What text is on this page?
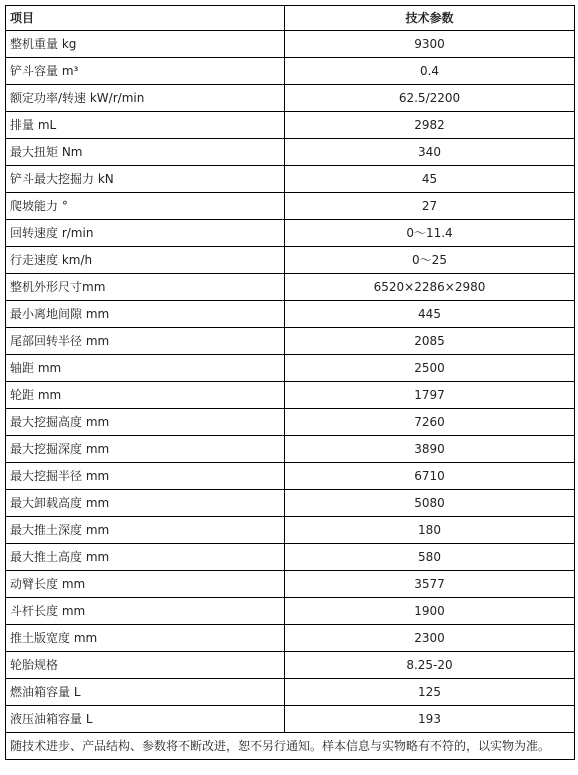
项目	技术参数
整机重量 kg	9300
铲斗容量 m³	0.4
额定功率/转速 kW/r/min	62.5/2200
排量 mL	2982
最大扭矩 Nm	340
铲斗最大挖掘力 kN	45
爬坡能力 °	27
回转速度 r/min	0～11.4
行走速度 km/h	0～25
整机外形尺寸mm	6520×2286×2980
最小离地间隙 mm	445
尾部回转半径 mm	2085
轴距 mm	2500
轮距 mm	1797
最大挖掘高度 mm	7260
最大挖掘深度 mm	3890
最大挖掘半径 mm	6710
最大卸载高度 mm	5080
最大推土深度 mm	180
最大推土高度 mm	580
动臂长度 mm	3577
斗杆长度 mm	1900
推土版宽度 mm	2300
轮胎规格	8.25-20
燃油箱容量 L	125
液压油箱容量 L	193
随技术进步、产品结构、参数将不断改进，恕不另行通知。样本信息与实物略有不符的，以实物为准。	
